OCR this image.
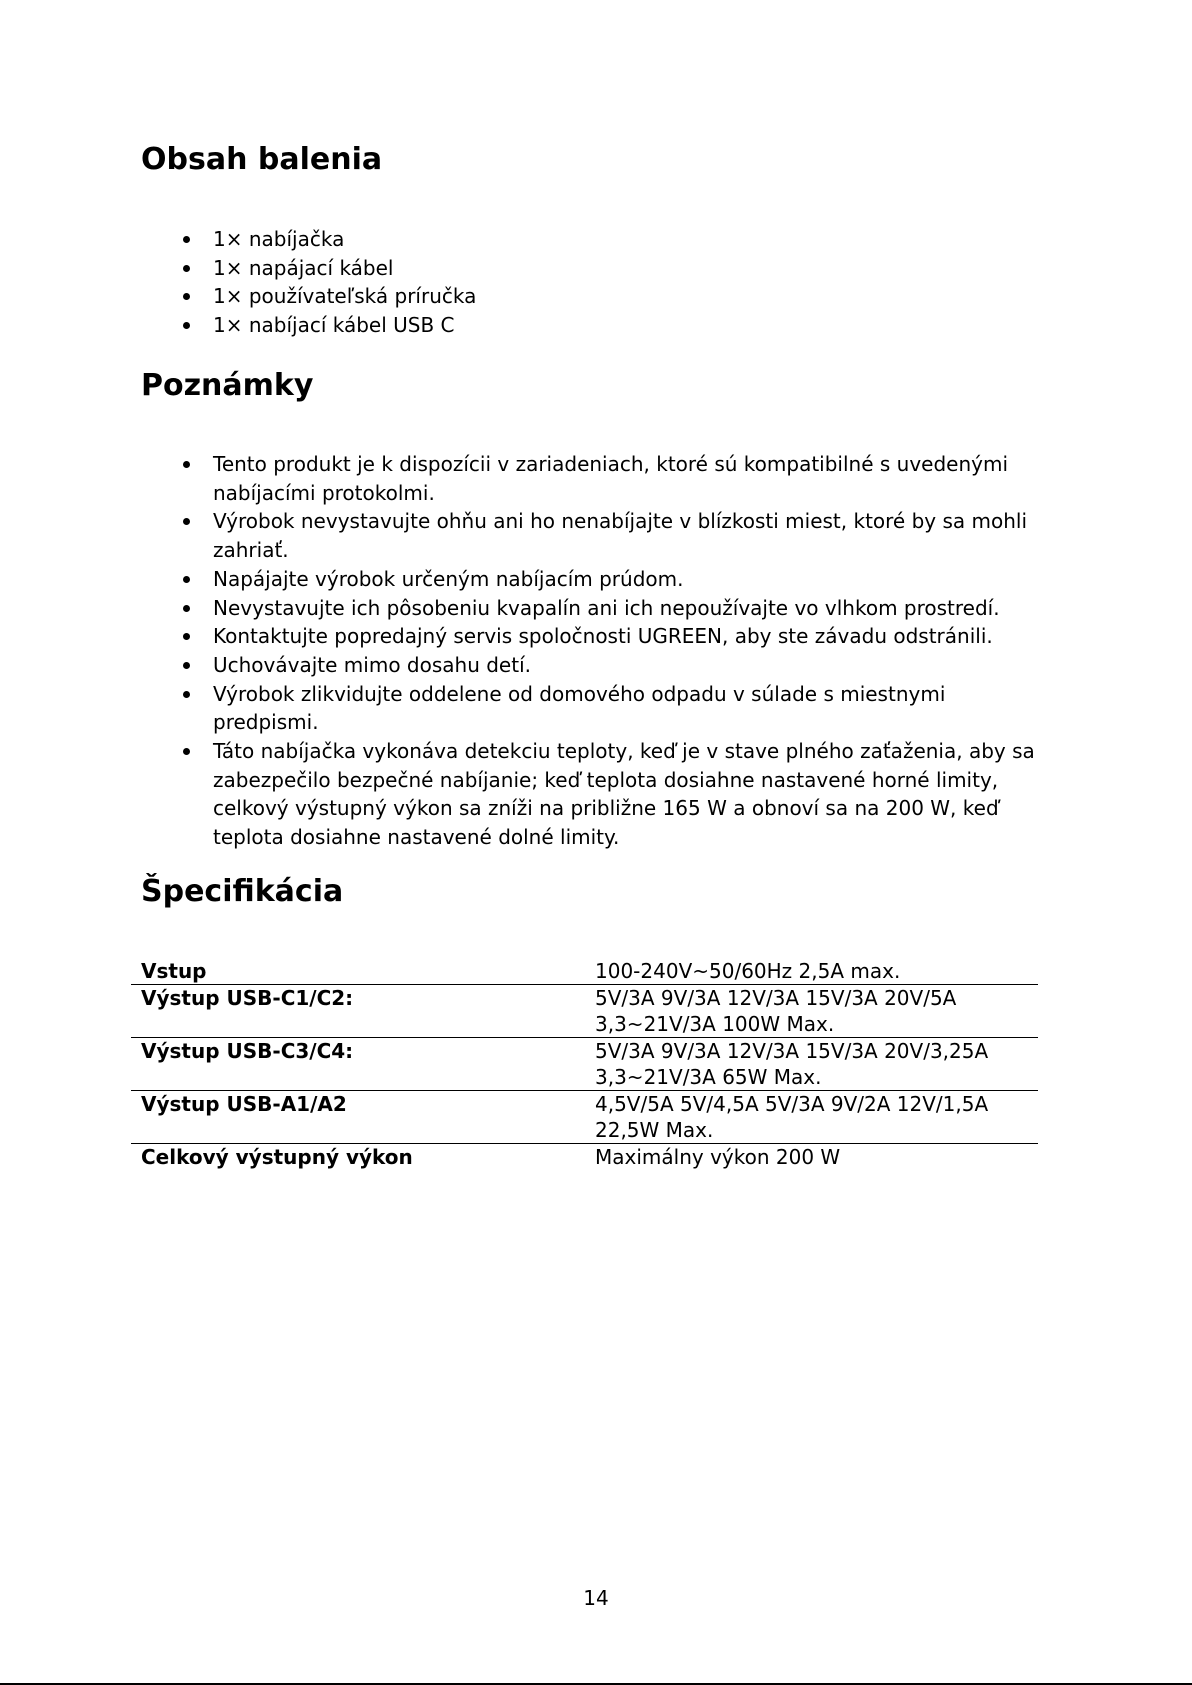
Obsah balenia
1× nabíjačka
1× napájací kábel
1× používateľská príručka
1× nabíjací kábel USB C
Poznámky
Tento produkt je k dispozícii v zariadeniach, ktoré sú kompatibilné s uvedenými nabíjacími protokolmi.
Výrobok nevystavujte ohňu ani ho nenabíjajte v blízkosti miest, ktoré by sa mohli zahriať.
Napájajte výrobok určeným nabíjacím prúdom.
Nevystavujte ich pôsobeniu kvapalín ani ich nepoužívajte vo vlhkom prostredí.
Kontaktujte popredajný servis spoločnosti UGREEN, aby ste závadu odstránili.
Uchovávajte mimo dosahu detí.
Výrobok zlikvidujte oddelene od domového odpadu v súlade s miestnymi predpismi.
Táto nabíjačka vykonáva detekciu teploty, keď je v stave plného zaťaženia, aby sa zabezpečilo bezpečné nabíjanie; keď teplota dosiahne nastavené horné limity, celkový výstupný výkon sa zníži na približne 165 W a obnoví sa na 200 W, keď teplota dosiahne nastavené dolné limity.
Špecifikácia
Vstup	100-240V~50/60Hz 2,5A max.
Výstup USB-C1/C2:	5V/3A 9V/3A 12V/3A 15V/3A 20V/5A 3,3~21V/3A 100W Max.
Výstup USB-C3/C4:	5V/3A 9V/3A 12V/3A 15V/3A 20V/3,25A 3,3~21V/3A 65W Max.
Výstup USB-A1/A2	4,5V/5A 5V/4,5A 5V/3A 9V/2A 12V/1,5A 22,5W Max.
Celkový výstupný výkon	Maximálny výkon 200 W
14
